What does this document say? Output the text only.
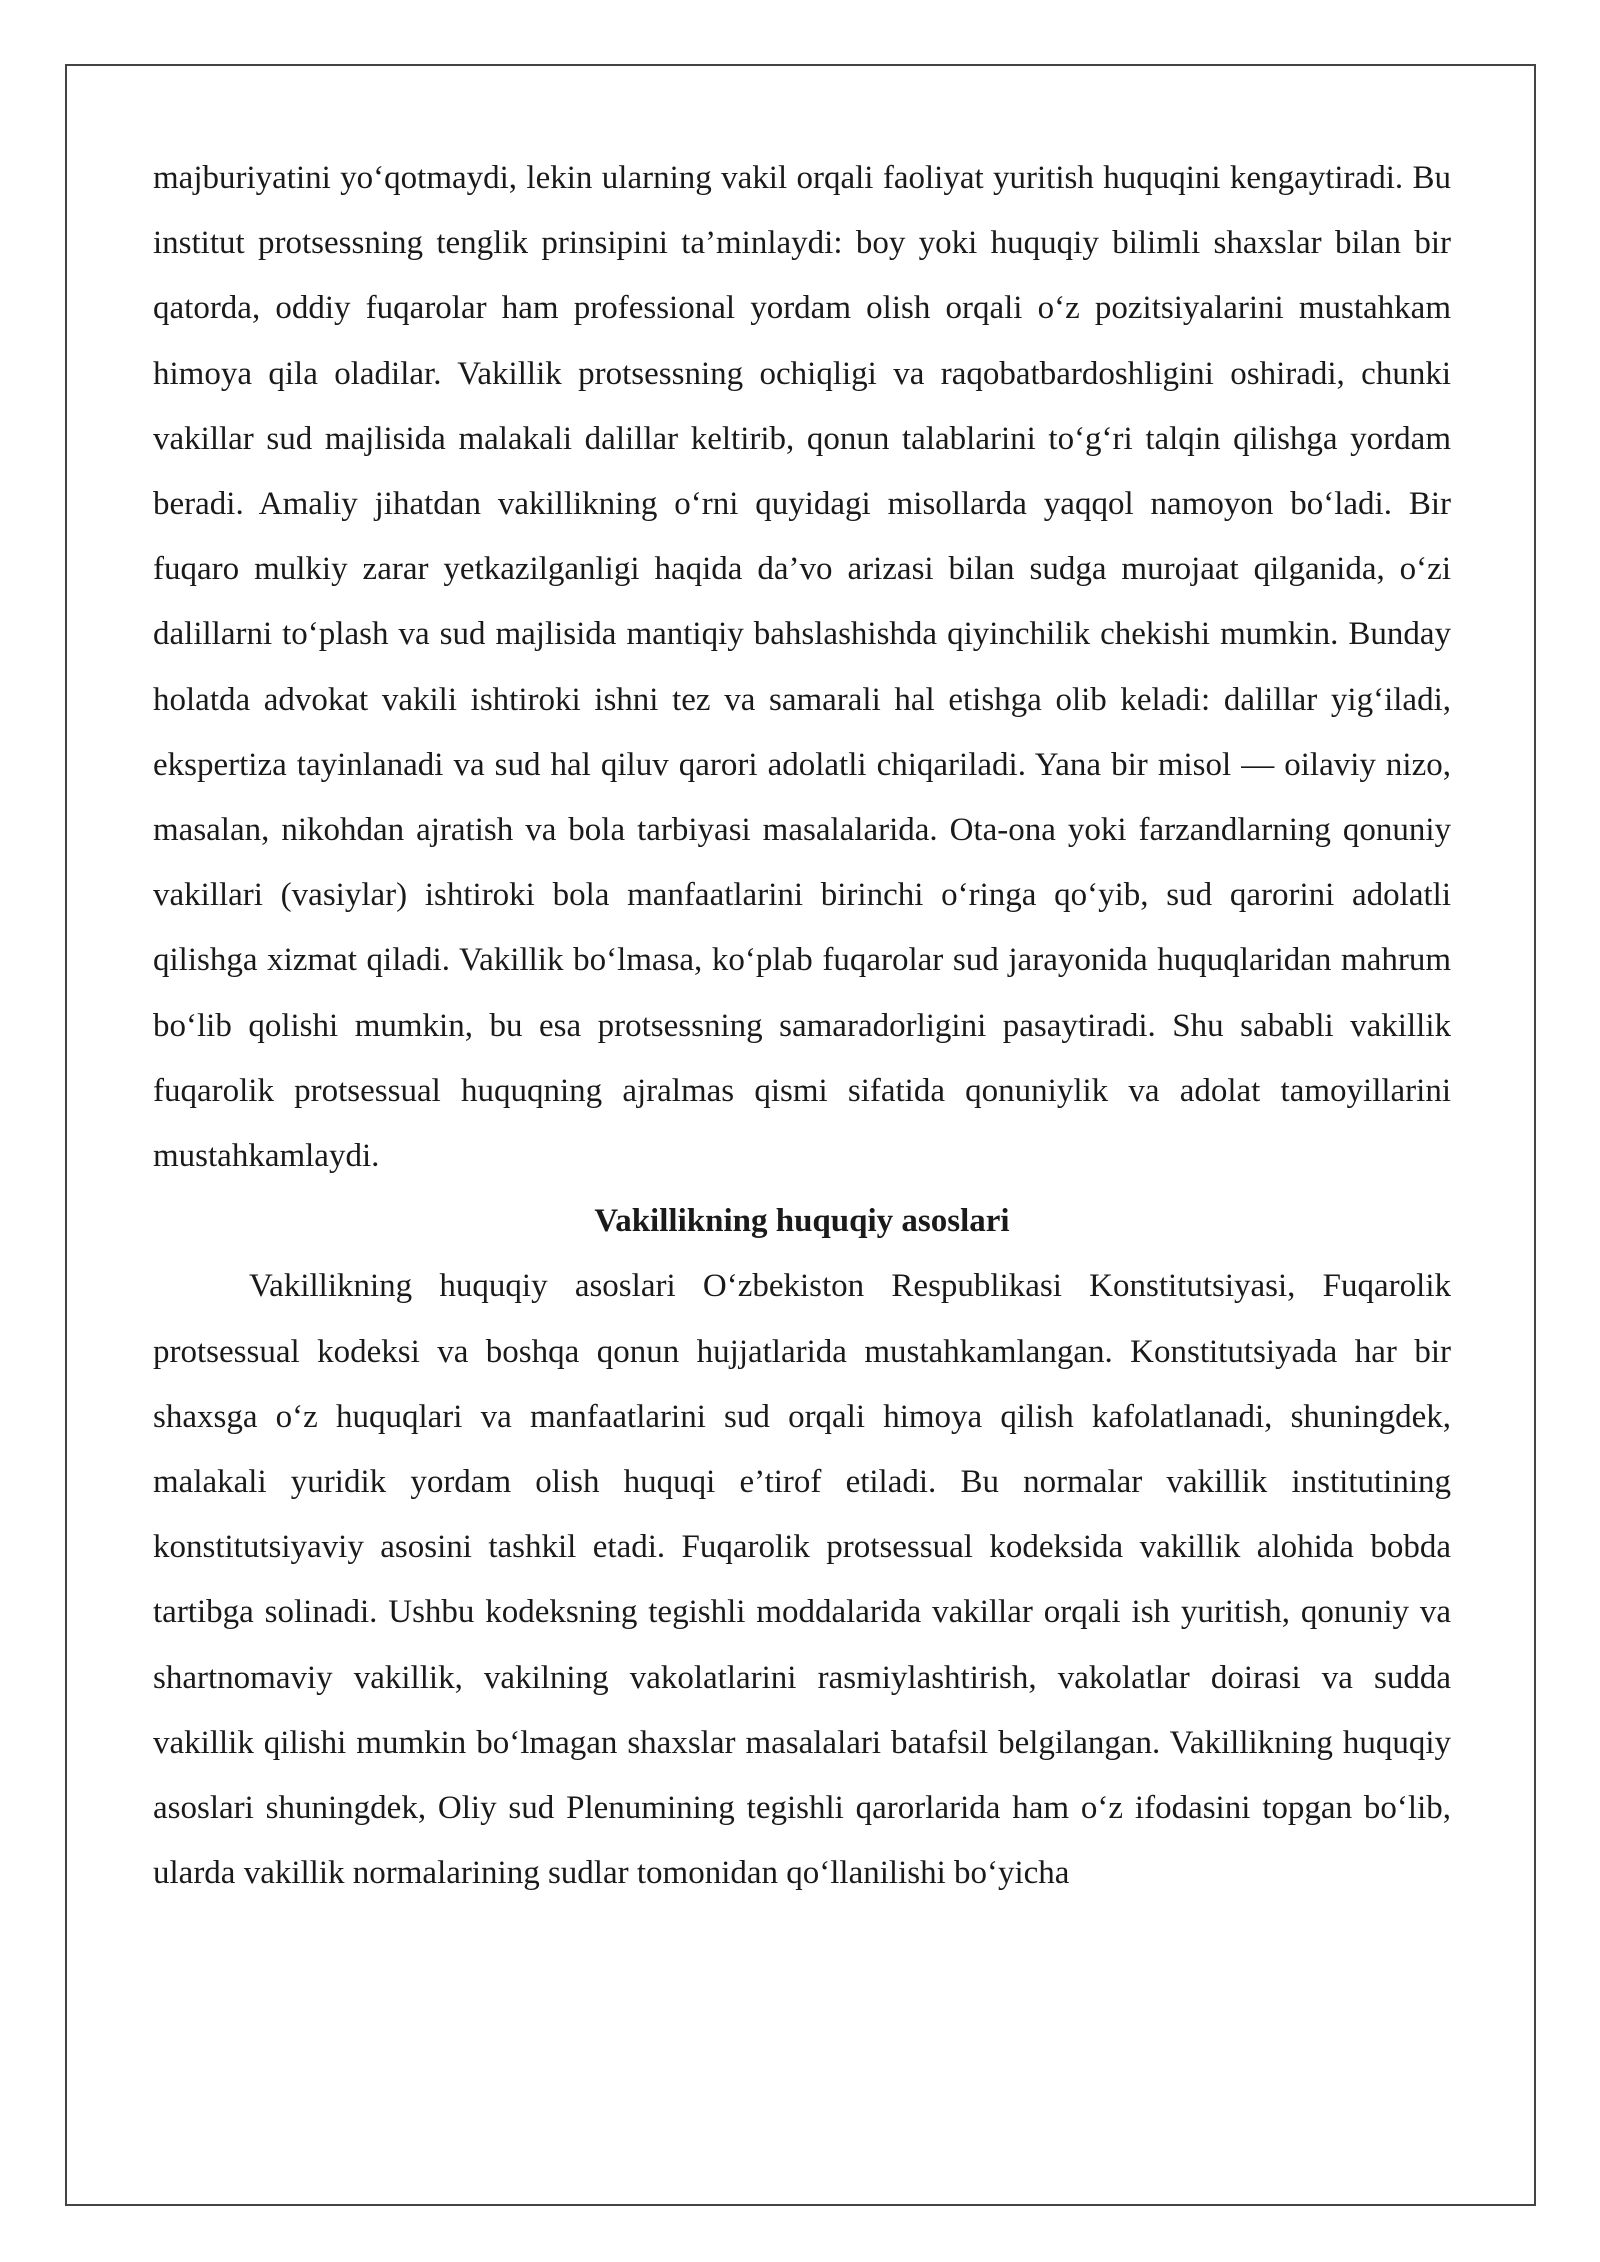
majburiyatini yo‘qotmaydi, lekin ularning vakil orqali faoliyat yuritish huquqini kengaytiradi. Bu institut protsessning tenglik prinsipini ta’minlaydi: boy yoki huquqiy bilimli shaxslar bilan bir qatorda, oddiy fuqarolar ham professional yordam olish orqali o‘z pozitsiyalarini mustahkam himoya qila oladilar. Vakillik protsessning ochiqligi va raqobatbardoshligini oshiradi, chunki vakillar sud majlisida malakali dalillar keltirib, qonun talablarini to‘g‘ri talqin qilishga yordam beradi. Amaliy jihatdan vakillikning o‘rni quyidagi misollarda yaqqol namoyon bo‘ladi. Bir fuqaro mulkiy zarar yetkazilganligi haqida da’vo arizasi bilan sudga murojaat qilganida, o‘zi dalillarni to‘plash va sud majlisida mantiqiy bahslashishda qiyinchilik chekishi mumkin. Bunday holatda advokat vakili ishtiroki ishni tez va samarali hal etishga olib keladi: dalillar yig‘iladi, ekspertiza tayinlanadi va sud hal qiluv qarori adolatli chiqariladi. Yana bir misol — oilaviy nizo, masalan, nikohdan ajratish va bola tarbiyasi masalalarida. Ota-ona yoki farzandlarning qonuniy vakillari (vasiylar) ishtiroki bola manfaatlarini birinchi o‘ringa qo‘yib, sud qarorini adolatli qilishga xizmat qiladi. Vakillik bo‘lmasa, ko‘plab fuqarolar sud jarayonida huquqlaridan mahrum bo‘lib qolishi mumkin, bu esa protsessning samaradorligini pasaytiradi. Shu sababli vakillik fuqarolik protsessual huquqning ajralmas qismi sifatida qonuniylik va adolat tamoyillarini mustahkamlaydi.

Vakillikning huquqiy asoslari

Vakillikning huquqiy asoslari O‘zbekiston Respublikasi Konstitutsiyasi, Fuqarolik protsessual kodeksi va boshqa qonun hujjatlarida mustahkamlangan. Konstitutsiyada har bir shaxsga o‘z huquqlari va manfaatlarini sud orqali himoya qilish kafolatlanadi, shuningdek, malakali yuridik yordam olish huquqi e’tirof etiladi. Bu normalar vakillik institutining konstitutsiyaviy asosini tashkil etadi. Fuqarolik protsessual kodeksida vakillik alohida bobda tartibga solinadi. Ushbu kodeksning tegishli moddalarida vakillar orqali ish yuritish, qonuniy va shartnomaviy vakillik, vakilning vakolatlarini rasmiylashtirish, vakolatlar doirasi va sudda vakillik qilishi mumkin bo‘lmagan shaxslar masalalari batafsil belgilangan. Vakillikning huquqiy asoslari shuningdek, Oliy sud Plenumining tegishli qarorlarida ham o‘z ifodasini topgan bo‘lib, ularda vakillik normalarining sudlar tomonidan qo‘llanilishi bo‘yicha
